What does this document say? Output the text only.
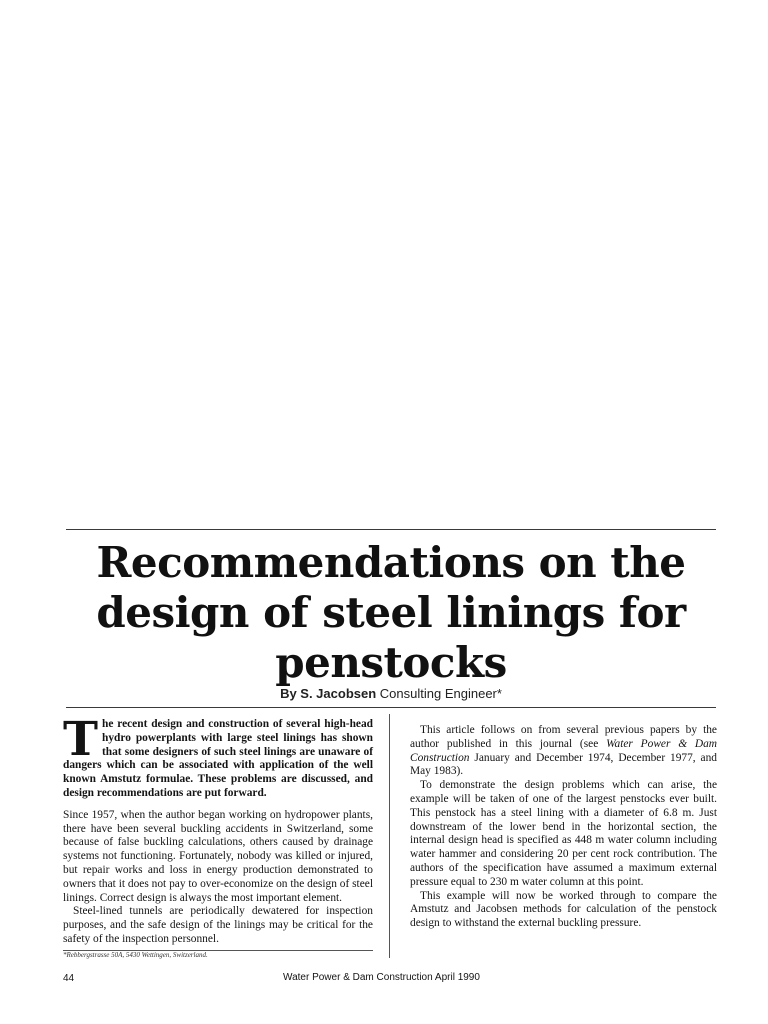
Recommendations on the
design of steel linings for
penstocks
By S. Jacobsen Consulting Engineer*

The recent design and construction of several high-head hydro powerplants with large steel linings has shown that some designers of such steel linings are unaware of dangers which can be associated with application of the well known Amstutz formulae. These problems are discussed, and design recommendations are put forward.

Since 1957, when the author began working on hydropower plants, there have been several buckling accidents in Switzerland, some because of false buckling calculations, others caused by drainage systems not functioning. Fortunately, nobody was killed or injured, but repair works and loss in energy production demonstrated to owners that it does not pay to over-economize on the design of steel linings. Correct design is always the most important element.

Steel-lined tunnels are periodically dewatered for inspection purposes, and the safe design of the linings may be critical for the safety of the inspection personnel.

This article follows on from several previous papers by the author published in this journal (see Water Power & Dam Construction January and December 1974, December 1977, and May 1983).

To demonstrate the design problems which can arise, the example will be taken of one of the largest penstocks ever built. This penstock has a steel lining with a diameter of 6.8 m. Just downstream of the lower bend in the horizontal section, the internal design head is specified as 448 m water column including water hammer and considering 20 per cent rock contribution. The authors of the specification have assumed a maximum external pressure equal to 230 m water column at this point.

This example will now be worked through to compare the Amstutz and Jacobsen methods for calculation of the penstock design to withstand the external buckling pressure.

*Rebbergstrasse 50A, 5430 Wettingen, Switzerland.
44	Water Power & Dam Construction April 1990
